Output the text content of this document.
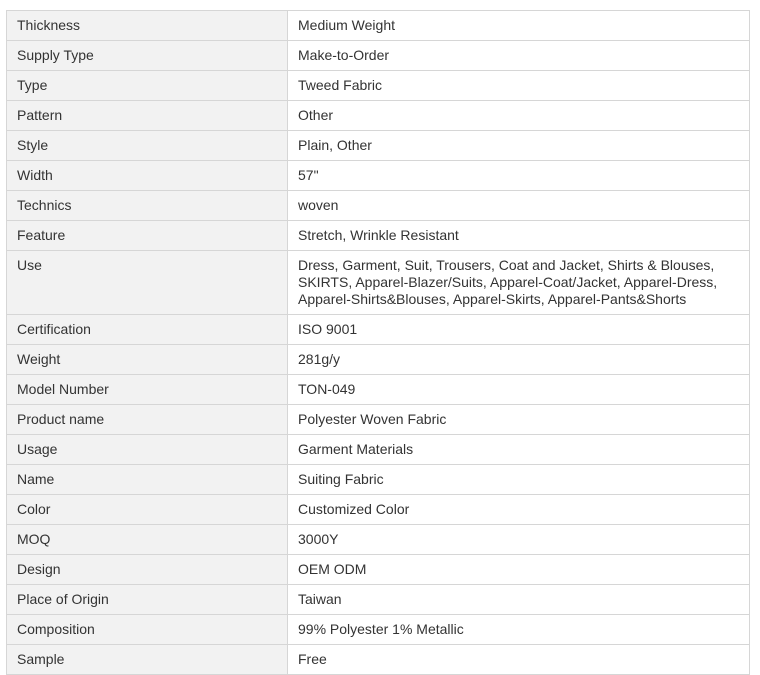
Thickness	Medium Weight
Supply Type	Make-to-Order
Type	Tweed Fabric
Pattern	Other
Style	Plain, Other
Width	57"
Technics	woven
Feature	Stretch, Wrinkle Resistant
Use	Dress, Garment, Suit, Trousers, Coat and Jacket, Shirts & Blouses, SKIRTS, Apparel-Blazer/Suits, Apparel-Coat/Jacket, Apparel-Dress, Apparel-Shirts&Blouses, Apparel-Skirts, Apparel-Pants&Shorts
Certification	ISO 9001
Weight	281g/y
Model Number	TON-049
Product name	Polyester Woven Fabric
Usage	Garment Materials
Name	Suiting Fabric
Color	Customized Color
MOQ	3000Y
Design	OEM ODM
Place of Origin	Taiwan
Composition	99% Polyester 1% Metallic
Sample	Free
